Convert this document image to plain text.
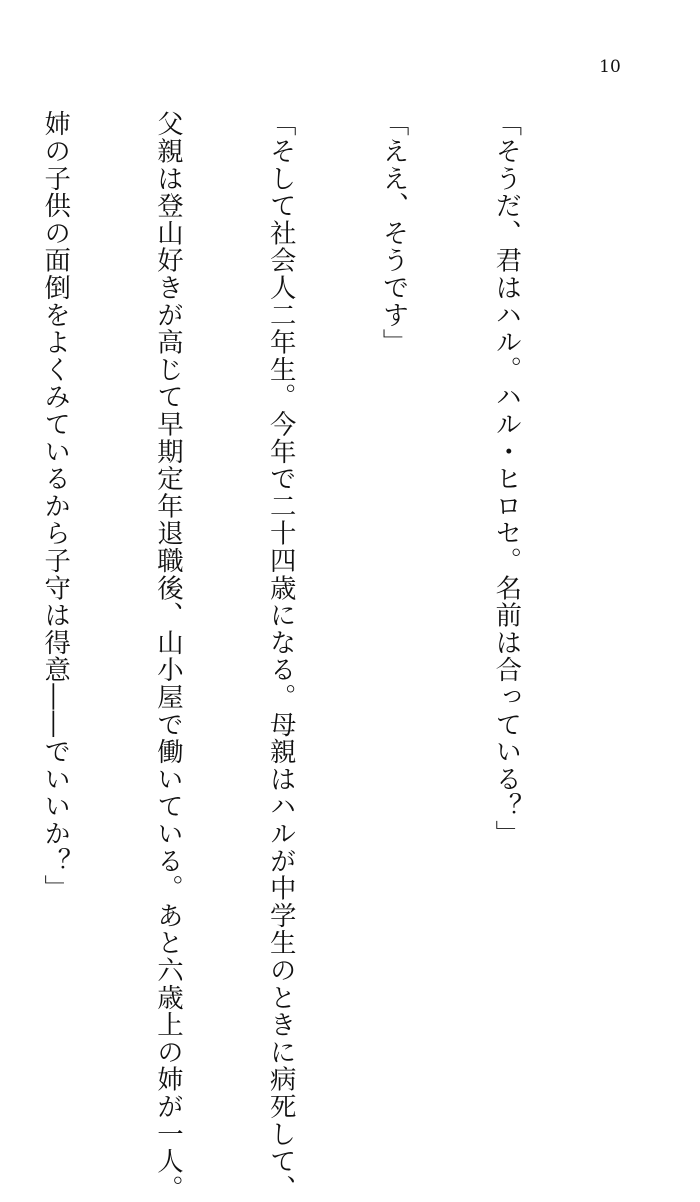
10

「そうだ、君はハル。ハル・ヒロセ。名前は合っている？」

「ええ、そうです」

「そして社会人二年生。今年で二十四歳になる。母親はハルが中学生のときに病死して、

父親は登山好きが高じて早期定年退職後、山小屋で働いている。あと六歳上の姉が一人。

姉の子供の面倒をよくみているから子守は得意――でいいか？」
